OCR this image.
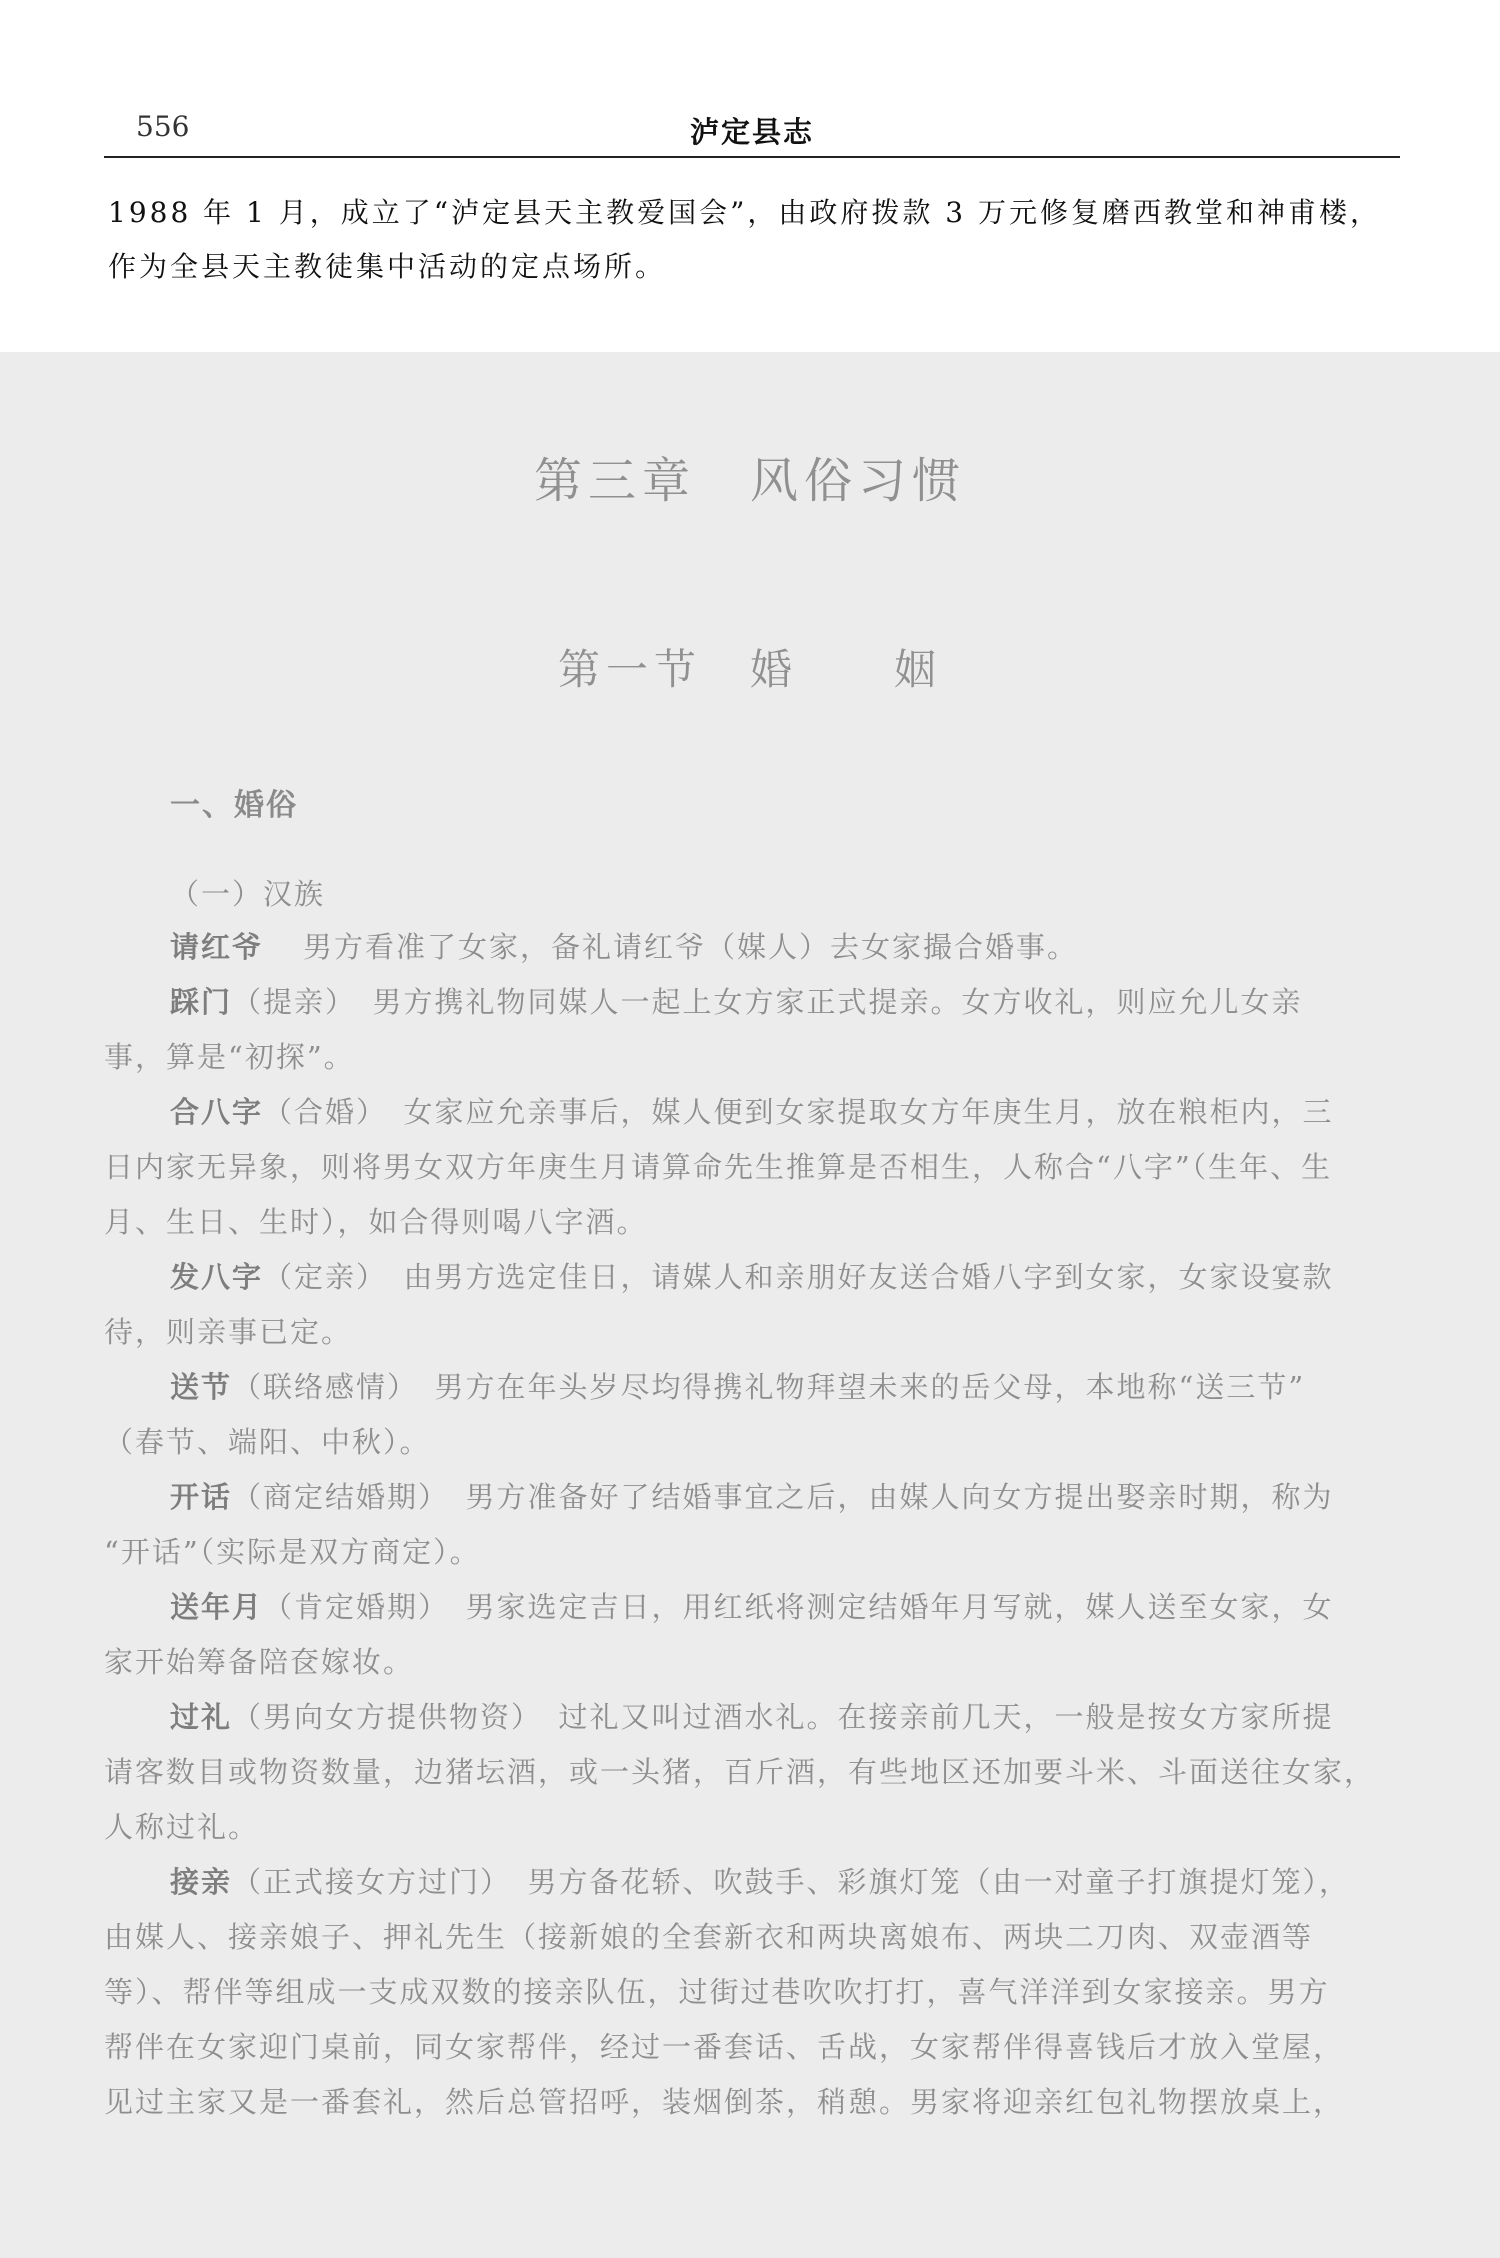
556	泸定县志

1988 年 1 月，成立了“泸定县天主教爱国会”，由政府拨款 3 万元修复磨西教堂和神甫楼，

作为全县天主教徒集中活动的定点场所。

第三章　风俗习惯
第一节　婚　　姻
一、婚俗
（一）汉族
请红爷 男方看准了女家，备礼请红爷（媒人）去女家撮合婚事。
踩门（提亲）　男方携礼物同媒人一起上女方家正式提亲。女方收礼，则应允儿女亲
事，算是“初探”。
合八字（合婚）　女家应允亲事后，媒人便到女家提取女方年庚生月，放在粮柜内，三
日内家无异象，则将男女双方年庚生月请算命先生推算是否相生，人称合“八字”（生年、生
月、生日、生时），如合得则喝八字酒。
发八字（定亲）　由男方选定佳日，请媒人和亲朋好友送合婚八字到女家，女家设宴款
待，则亲事已定。
送节（联络感情）　男方在年头岁尽均得携礼物拜望未来的岳父母，本地称“送三节”
（春节、端阳、中秋）。
开话（商定结婚期）　男方准备好了结婚事宜之后，由媒人向女方提出娶亲时期，称为
“开话”（实际是双方商定）。
送年月（肯定婚期）　男家选定吉日，用红纸将测定结婚年月写就，媒人送至女家，女
家开始筹备陪奁嫁妆。
过礼（男向女方提供物资）　过礼又叫过酒水礼。在接亲前几天，一般是按女方家所提
请客数目或物资数量，边猪坛酒，或一头猪，百斤酒，有些地区还加要斗米、斗面送往女家，
人称过礼。
接亲（正式接女方过门）　男方备花轿、吹鼓手、彩旗灯笼（由一对童子打旗提灯笼），
由媒人、接亲娘子、押礼先生（接新娘的全套新衣和两块离娘布、两块二刀肉、双壶酒等
等）、帮伴等组成一支成双数的接亲队伍，过街过巷吹吹打打，喜气洋洋到女家接亲。男方
帮伴在女家迎门桌前，同女家帮伴，经过一番套话、舌战，女家帮伴得喜钱后才放入堂屋，
见过主家又是一番套礼，然后总管招呼，装烟倒茶，稍憩。男家将迎亲红包礼物摆放桌上，
